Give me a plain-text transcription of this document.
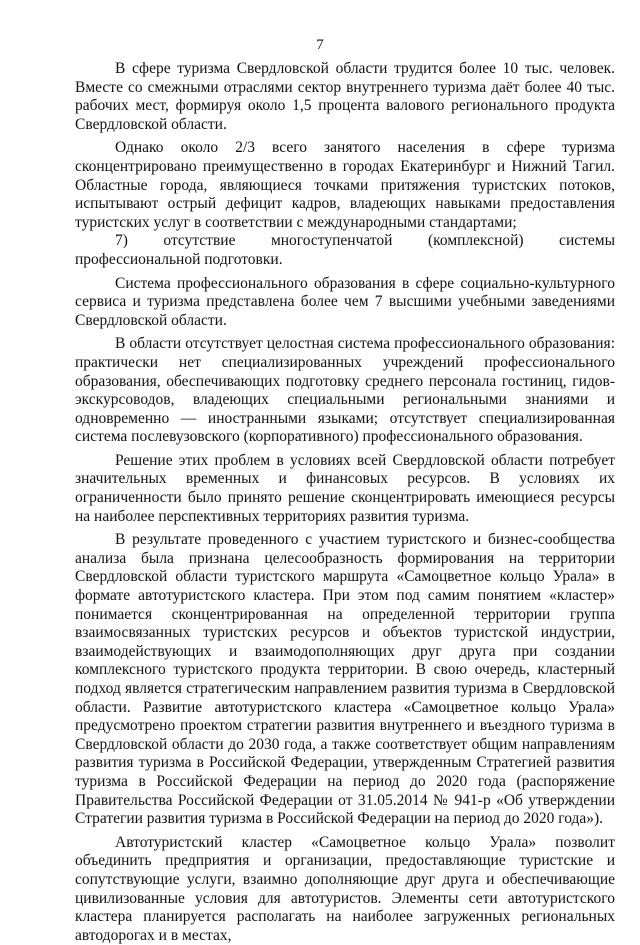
7

В сфере туризма Свердловской области трудится более 10 тыс. человек. Вместе со смежными отраслями сектор внутреннего туризма даёт более 40 тыс. рабочих мест, формируя около 1,5 процента валового регионального продукта Свердловской области.

Однако около 2/3 всего занятого населения в сфере туризма сконцентрировано преимущественно в городах Екатеринбург и Нижний Тагил. Областные города, являющиеся точками притяжения туристских потоков, испытывают острый дефицит кадров, владеющих навыками предоставления туристских услуг в соответствии с международными стандартами;

7) отсутствие многоступенчатой (комплексной) системы профессиональной подготовки.

Система профессионального образования в сфере социально-культурного сервиса и туризма представлена более чем 7 высшими учебными заведениями Свердловской области.

В области отсутствует целостная система профессионального образования: практически нет специализированных учреждений профессионального образования, обеспечивающих подготовку среднего персонала гостиниц, гидов-экскурсоводов, владеющих специальными региональными знаниями и одновременно — иностранными языками; отсутствует специализированная система послевузовского (корпоративного) профессионального образования.

Решение этих проблем в условиях всей Свердловской области потребует значительных временных и финансовых ресурсов. В условиях их ограниченности было принято решение сконцентрировать имеющиеся ресурсы на наиболее перспективных территориях развития туризма.

В результате проведенного с участием туристского и бизнес-сообщества анализа была признана целесообразность формирования на территории Свердловской области туристского маршрута «Самоцветное кольцо Урала» в формате автотуристского кластера. При этом под самим понятием «кластер» понимается сконцентрированная на определенной территории группа взаимосвязанных туристских ресурсов и объектов туристской индустрии, взаимодействующих и взаимодополняющих друг друга при создании комплексного туристского продукта территории. В свою очередь, кластерный подход является стратегическим направлением развития туризма в Свердловской области. Развитие автотуристского кластера «Самоцветное кольцо Урала» предусмотрено проектом стратегии развития внутреннего и въездного туризма в Свердловской области до 2030 года, а также соответствует общим направлениям развития туризма в Российской Федерации, утвержденным Стратегией развития туризма в Российской Федерации на период до 2020 года (распоряжение Правительства Российской Федерации от 31.05.2014 № 941-р «Об утверждении Стратегии развития туризма в Российской Федерации на период до 2020 года»).

Автотуристский кластер «Самоцветное кольцо Урала» позволит объединить предприятия и организации, предоставляющие туристские и сопутствующие услуги, взаимно дополняющие друг друга и обеспечивающие цивилизованные условия для автотуристов. Элементы сети автотуристского кластера планируется располагать на наиболее загруженных региональных автодорогах и в местах,
